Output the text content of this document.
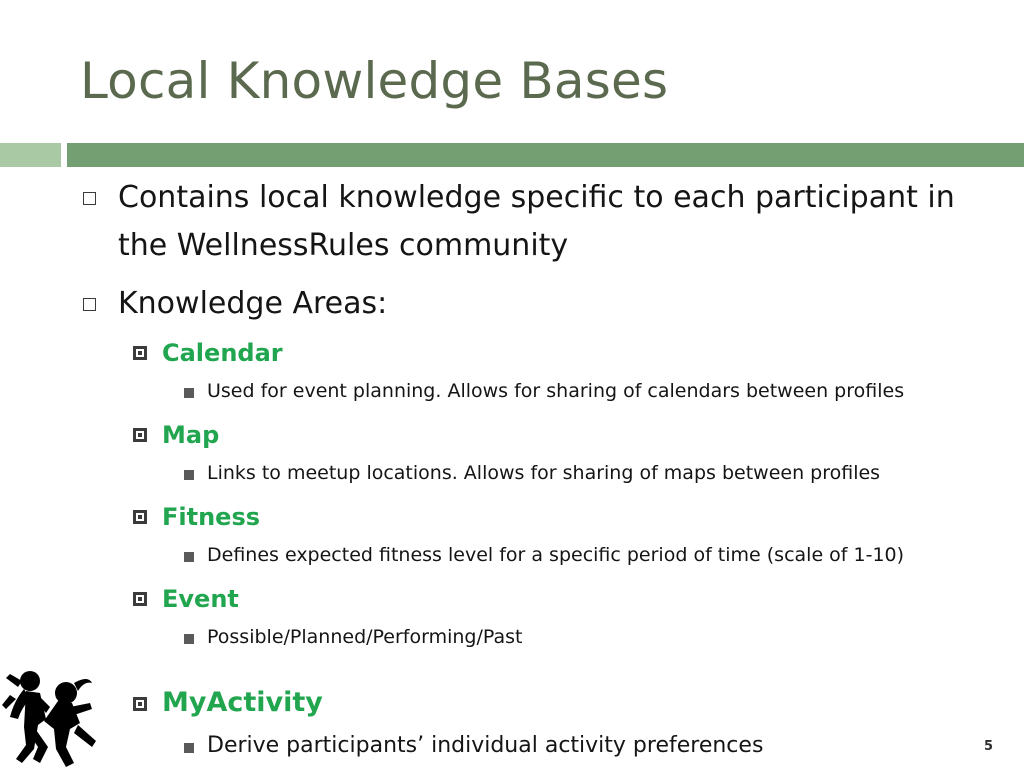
Local Knowledge Bases
Contains local knowledge specific to each participant in the WellnessRules community
Knowledge Areas:
Calendar
Used for event planning. Allows for sharing of calendars between profiles
Map
Links to meetup locations. Allows for sharing of maps between profiles
Fitness
Defines expected fitness level for a specific period of time (scale of 1-10)
Event
Possible/Planned/Performing/Past
MyActivity
Derive participants’ individual activity preferences	5
